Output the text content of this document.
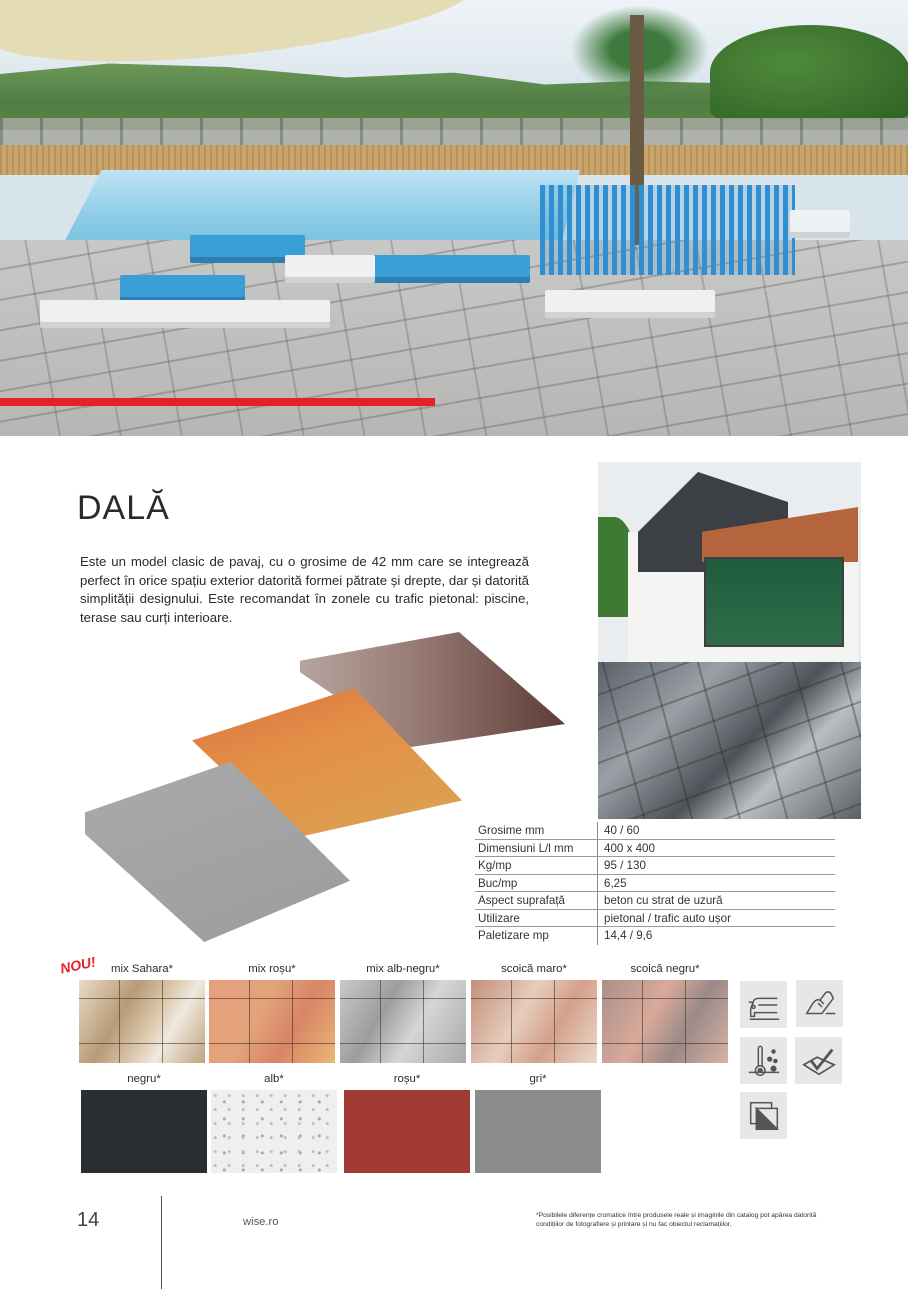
DALĂ

Este un model clasic de pavaj, cu o grosime de 42 mm care se integrează perfect în orice spațiu exterior datorită formei pătrate și drepte, dar și datorită simplității designului. Este recomandat în zonele cu trafic pietonal: piscine, terase sau curți interioare.

Grosime mm	40 / 60
Dimensiuni L/l mm	400 x 400
Kg/mp	95 / 130
Buc/mp	6,25
Aspect suprafață	beton cu strat de uzură
Utilizare	pietonal / trafic auto ușor
Paletizare mp	14,4 / 9,6
NOU!	mix Sahara*	mix roșu*	mix alb-negru*	scoică maro*	scoică negru*
negru*	alb*	roșu*	gri*
14	wise.ro
*Posibilele diferențe cromatice între produsele reale și imaginile din catalog pot apărea datorită condițiilor de fotografiere și printare și nu fac obiectul reclamațiilor.
